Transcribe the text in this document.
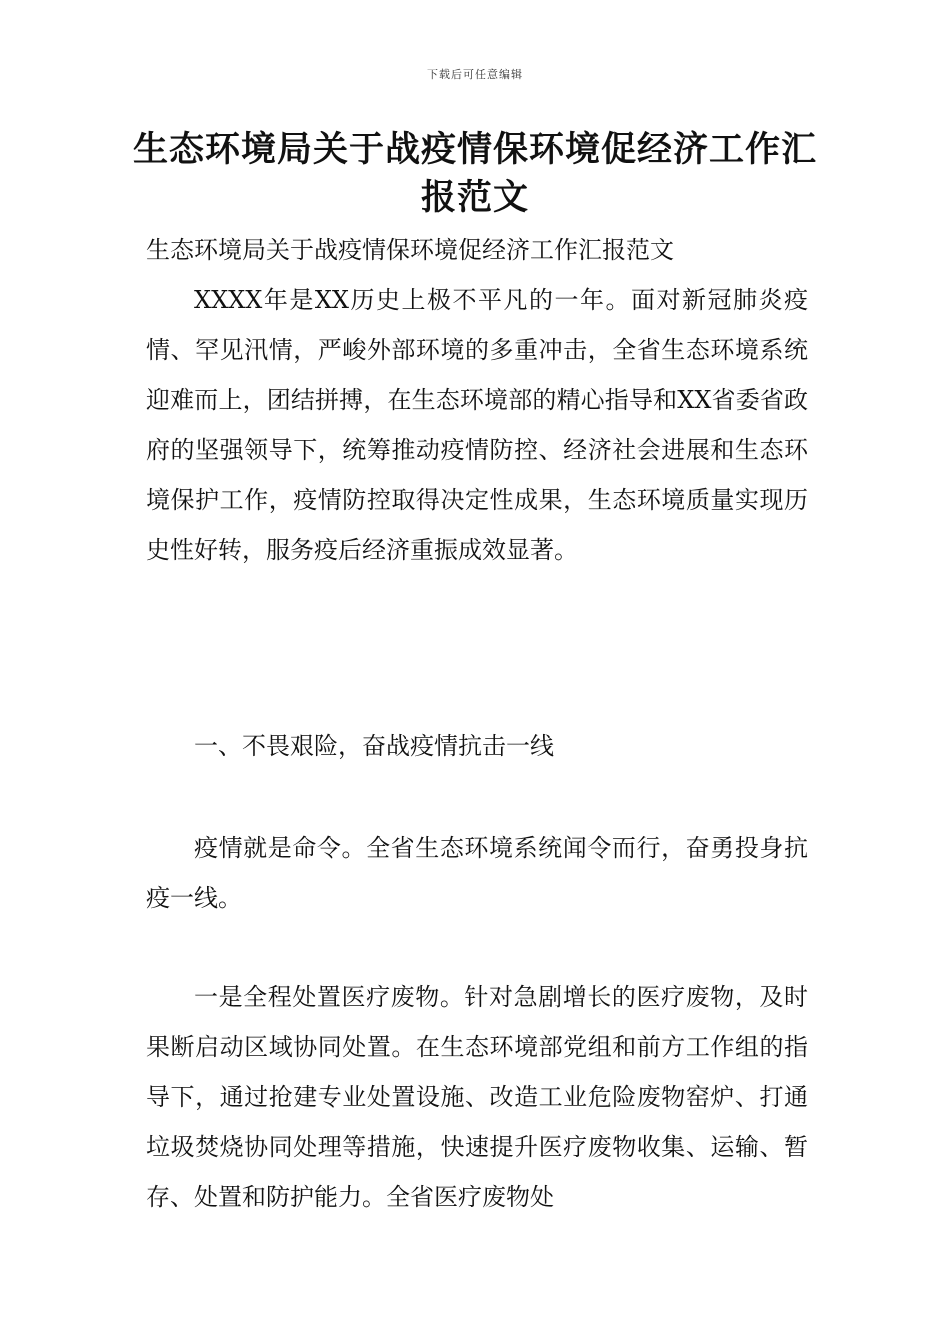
下载后可任意编辑
生态环境局关于战疫情保环境促经济工作汇报范文
生态环境局关于战疫情保环境促经济工作汇报范文
XXXX年是XX历史上极不平凡的一年。面对新冠肺炎疫情、罕见汛情，严峻外部环境的多重冲击，全省生态环境系统迎难而上，团结拼搏，在生态环境部的精心指导和XX省委省政府的坚强领导下，统筹推动疫情防控、经济社会进展和生态环境保护工作，疫情防控取得决定性成果，生态环境质量实现历史性好转，服务疫后经济重振成效显著。
一、不畏艰险，奋战疫情抗击一线
疫情就是命令。全省生态环境系统闻令而行，奋勇投身抗疫一线。
一是全程处置医疗废物。针对急剧增长的医疗废物，及时果断启动区域协同处置。在生态环境部党组和前方工作组的指导下，通过抢建专业处置设施、改造工业危险废物窑炉、打通垃圾焚烧协同处理等措施，快速提升医疗废物收集、运输、暂存、处置和防护能力。全省医疗废物处
